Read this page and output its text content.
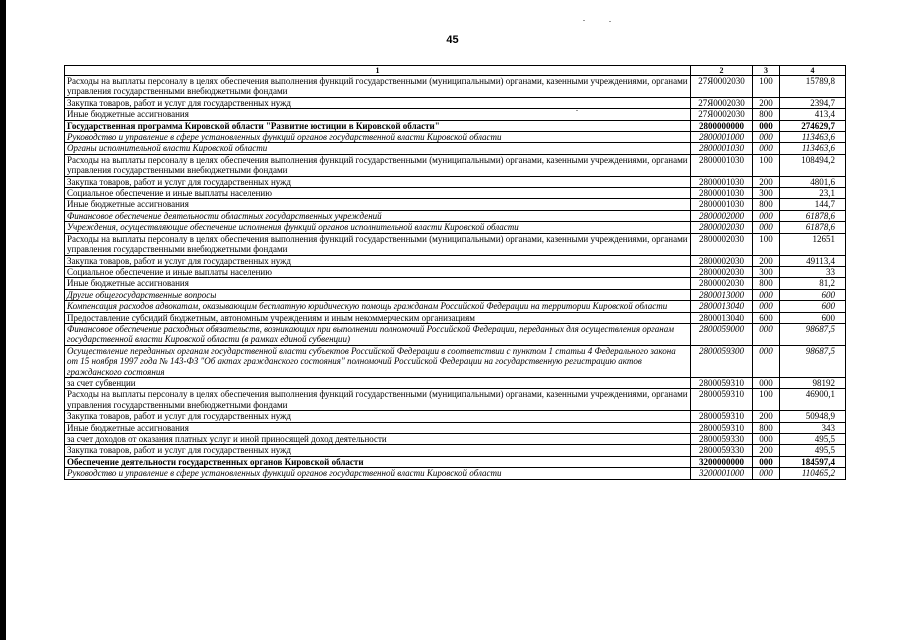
45
1	2	3	4
Расходы на выплаты персоналу в целях обеспечения выполнения функций государственными (муниципальными) органами, казенными учреждениями, органами управления государственными внебюджетными фондами	27Я0002030	100	15789,8
Закупка товаров, работ и услуг для государственных нужд	27Я0002030	200	2394,7
Иные бюджетные ассигнования	27Я0002030	800	413,4
Государственная программа Кировской области "Развитие юстиции в Кировской области"	2800000000	000	274629,7
Руководство и управление в сфере установленных функций органов государственной власти Кировской области	2800001000	000	113463,6
Органы исполнительной власти Кировской области	2800001030	000	113463,6
Расходы на выплаты персоналу в целях обеспечения выполнения функций государственными (муниципальными) органами, казенными учреждениями, органами управления государственными внебюджетными фондами	2800001030	100	108494,2
Закупка товаров, работ и услуг для государственных нужд	2800001030	200	4801,6
Социальное обеспечение и иные выплаты населению	2800001030	300	23,1
Иные бюджетные ассигнования	2800001030	800	144,7
Финансовое обеспечение деятельности областных государственных учреждений	2800002000	000	61878,6
Учреждения, осуществляющие обеспечение исполнения функций органов исполнительной власти Кировской области	2800002030	000	61878,6
Расходы на выплаты персоналу в целях обеспечения выполнения функций государственными (муниципальными) органами, казенными учреждениями, органами управления государственными внебюджетными фондами	2800002030	100	12651
Закупка товаров, работ и услуг для государственных нужд	2800002030	200	49113,4
Социальное обеспечение и иные выплаты населению	2800002030	300	33
Иные бюджетные ассигнования	2800002030	800	81,2
Другие общегосударственные вопросы	2800013000	000	600
Компенсация расходов адвокатам, оказывающим бесплатную юридическую помощь гражданам Российской Федерации на территории Кировской области	2800013040	000	600
Предоставление субсидий бюджетным, автономным учреждениям и иным некоммерческим организациям	2800013040	600	600
Финансовое обеспечение расходных обязательств, возникающих при выполнении полномочий Российской Федерации, переданных для осуществления органам государственной власти Кировской области (в рамках единой субвенции)	2800059000	000	98687,5
Осуществление переданных органам государственной власти субъектов Российской Федерации в соответствии с пунктом 1 статьи 4 Федерального закона от 15 ноября 1997 года № 143-ФЗ "Об актах гражданского состояния" полномочий Российской Федерации на государственную регистрацию актов гражданского состояния	2800059300	000	98687,5
за счет субвенции	2800059310	000	98192
Расходы на выплаты персоналу в целях обеспечения выполнения функций государственными (муниципальными) органами, казенными учреждениями, органами управления государственными внебюджетными фондами	2800059310	100	46900,1
Закупка товаров, работ и услуг для государственных нужд	2800059310	200	50948,9
Иные бюджетные ассигнования	2800059310	800	343
за счет доходов от оказания платных услуг и иной приносящей доход деятельности	2800059330	000	495,5
Закупка товаров, работ и услуг для государственных нужд	2800059330	200	495,5
Обеспечение деятельности государственных органов Кировской области	3200000000	000	184597,4
Руководство и управление в сфере установленных функций органов государственной власти Кировской области	3200001000	000	110465,2
